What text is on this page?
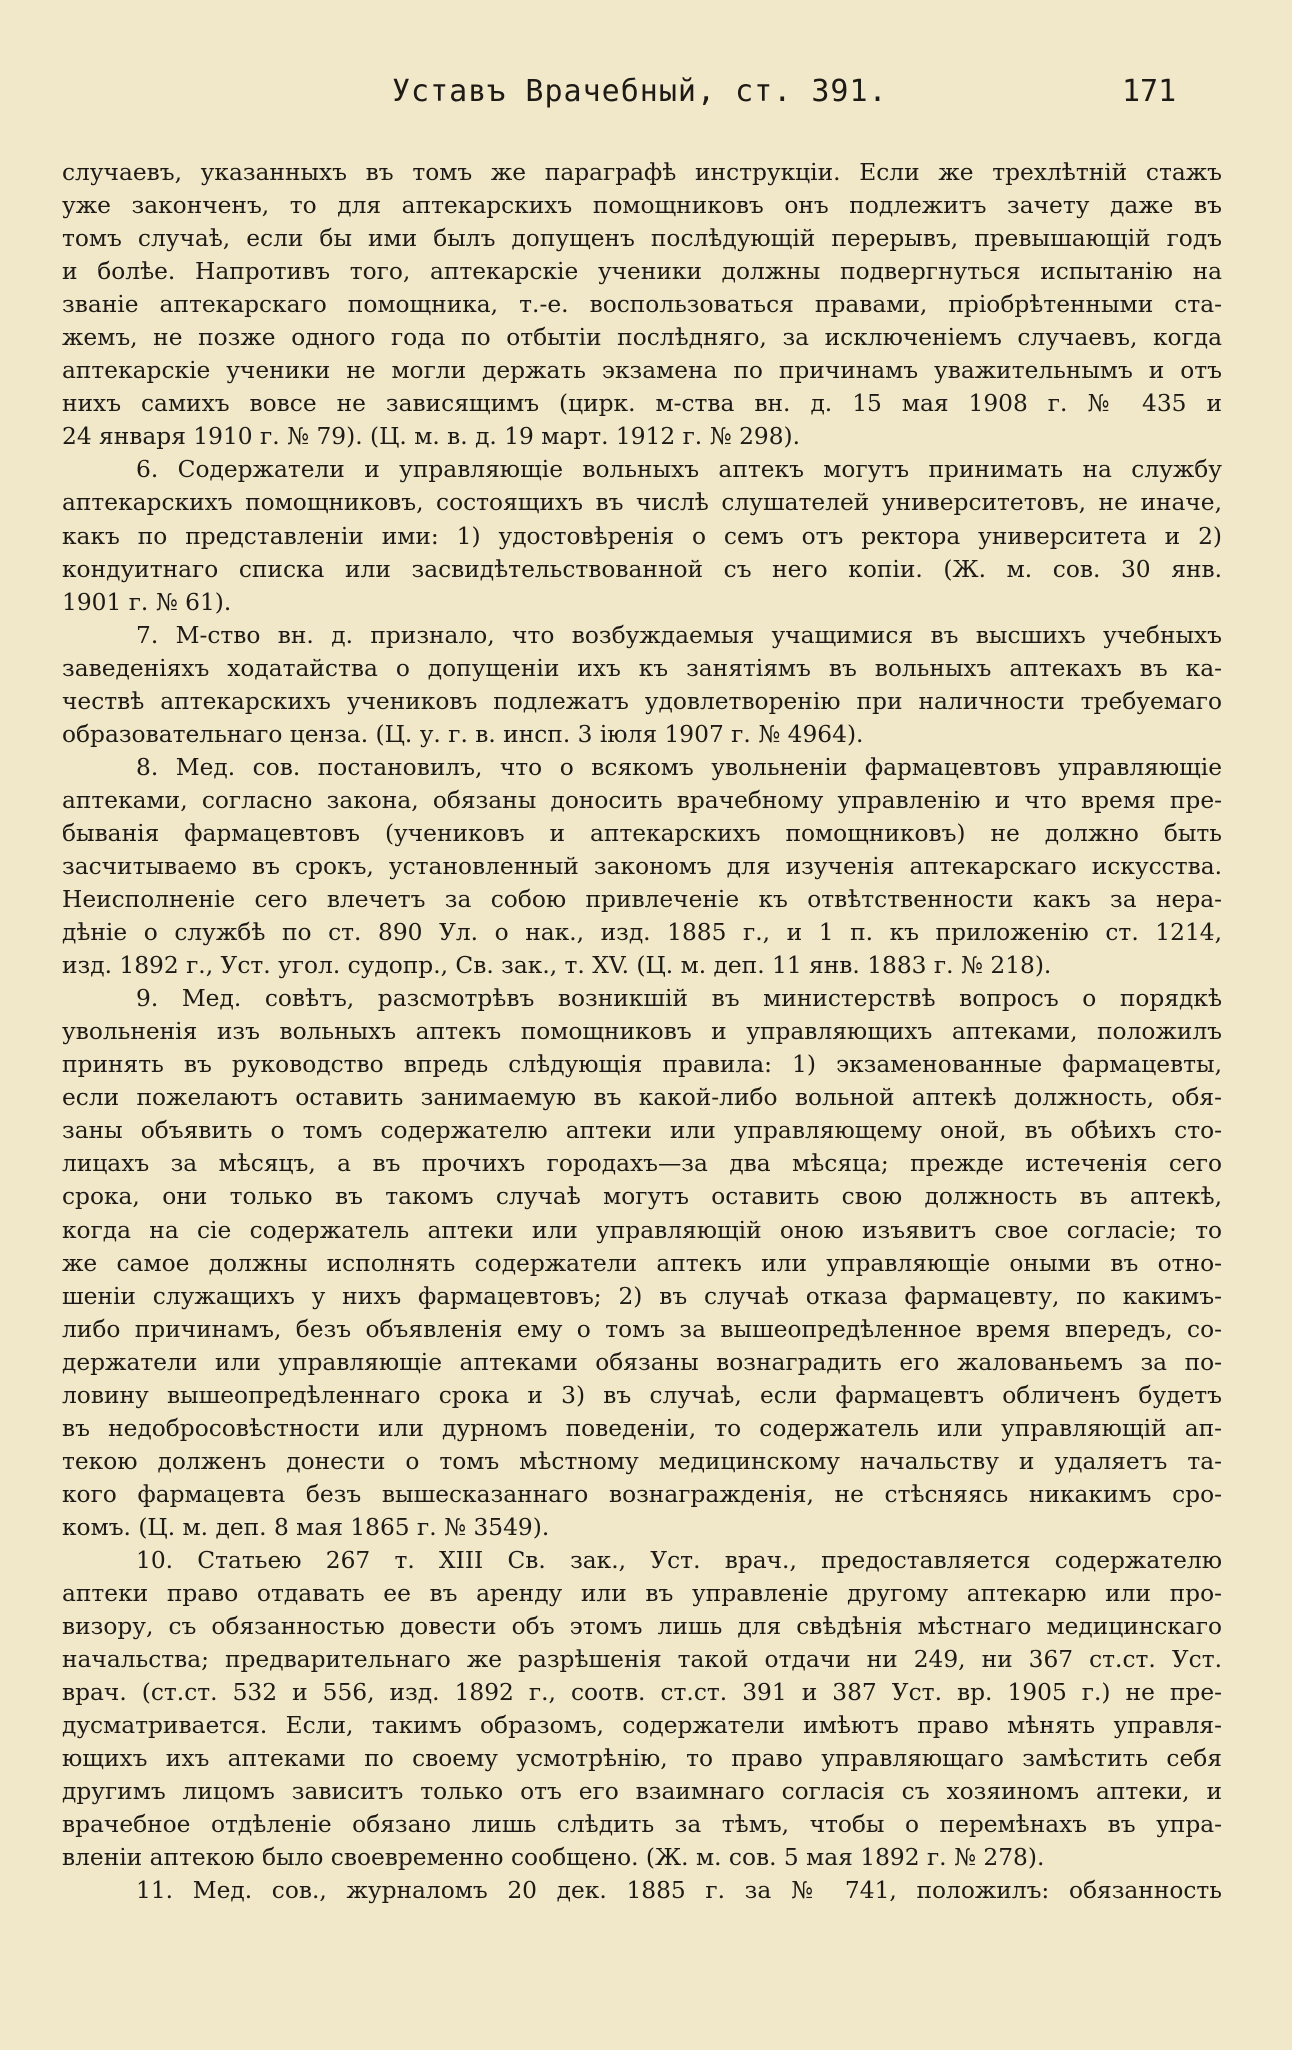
Уставъ Врачебный, ст. 391.	171
случаевъ, указанныхъ въ томъ же параграфѣ инструкціи. Если же трехлѣтній стажъ
уже законченъ, то для аптекарскихъ помощниковъ онъ подлежитъ зачету даже въ
томъ случаѣ, если бы ими былъ допущенъ послѣдующій перерывъ, превышающій годъ
и болѣе. Напротивъ того, аптекарскіе ученики должны подвергнуться испытанію на
званіе аптекарскаго помощника, т.-е. воспользоваться правами, пріобрѣтенными ста-
жемъ, не позже одного года по отбытіи послѣдняго, за исключеніемъ случаевъ, когда
аптекарскіе ученики не могли держать экзамена по причинамъ уважительнымъ и отъ
нихъ самихъ вовсе не зависящимъ (цирк. м-ства вн. д. 15 мая 1908 г. № 435 и
24 января 1910 г. № 79). (Ц. м. в. д. 19 март. 1912 г. № 298).
6. Содержатели и управляющіе вольныхъ аптекъ могутъ принимать на службу
аптекарскихъ помощниковъ, состоящихъ въ числѣ слушателей университетовъ, не иначе,
какъ по представленіи ими: 1) удостовѣренія о семъ отъ ректора университета и 2)
кондуитнаго списка или засвидѣтельствованной съ него копіи. (Ж. м. сов. 30 янв.
1901 г. № 61).
7. М-ство вн. д. признало, что возбуждаемыя учащимися въ высшихъ учебныхъ
заведеніяхъ ходатайства о допущеніи ихъ къ занятіямъ въ вольныхъ аптекахъ въ ка-
чествѣ аптекарскихъ учениковъ подлежатъ удовлетворенію при наличности требуемаго
образовательнаго ценза. (Ц. у. г. в. инсп. 3 іюля 1907 г. № 4964).
8. Мед. сов. постановилъ, что о всякомъ увольненіи фармацевтовъ управляющіе
аптеками, согласно закона, обязаны доносить врачебному управленію и что время пре-
быванія фармацевтовъ (учениковъ и аптекарскихъ помощниковъ) не должно быть
засчитываемо въ срокъ, установленный закономъ для изученія аптекарскаго искусства.
Неисполненіе сего влечетъ за собою привлеченіе къ отвѣтственности какъ за нера-
дѣніе о службѣ по ст. 890 Ул. о нак., изд. 1885 г., и 1 п. къ приложенію ст. 1214,
изд. 1892 г., Уст. угол. судопр., Св. зак., т. XV. (Ц. м. деп. 11 янв. 1883 г. № 218).
9. Мед. совѣтъ, разсмотрѣвъ возникшій въ министерствѣ вопросъ о порядкѣ
увольненія изъ вольныхъ аптекъ помощниковъ и управляющихъ аптеками, положилъ
принять въ руководство впредь слѣдующія правила: 1) экзаменованные фармацевты,
если пожелаютъ оставить занимаемую въ какой-либо вольной аптекѣ должность, обя-
заны объявить о томъ содержателю аптеки или управляющему оной, въ обѣихъ сто-
лицахъ за мѣсяцъ, а въ прочихъ городахъ—за два мѣсяца; прежде истеченія сего
срока, они только въ такомъ случаѣ могутъ оставить свою должность въ аптекѣ,
когда на сіе содержатель аптеки или управляющій оною изъявитъ свое согласіе; то
же самое должны исполнять содержатели аптекъ или управляющіе оными въ отно-
шеніи служащихъ у нихъ фармацевтовъ; 2) въ случаѣ отказа фармацевту, по какимъ-
либо причинамъ, безъ объявленія ему о томъ за вышеопредѣленное время впередъ, со-
держатели или управляющіе аптеками обязаны вознаградить его жалованьемъ за по-
ловину вышеопредѣленнаго срока и 3) въ случаѣ, если фармацевтъ обличенъ будетъ
въ недобросовѣстности или дурномъ поведеніи, то содержатель или управляющій ап-
текою долженъ донести о томъ мѣстному медицинскому начальству и удаляетъ та-
кого фармацевта безъ вышесказаннаго вознагражденія, не стѣсняясь никакимъ сро-
комъ. (Ц. м. деп. 8 мая 1865 г. № 3549).
10. Статьею 267 т. XIII Св. зак., Уст. врач., предоставляется содержателю
аптеки право отдавать ее въ аренду или въ управленіе другому аптекарю или про-
визору, съ обязанностью довести объ этомъ лишь для свѣдѣнія мѣстнаго медицинскаго
начальства; предварительнаго же разрѣшенія такой отдачи ни 249, ни 367 ст.ст. Уст.
врач. (ст.ст. 532 и 556, изд. 1892 г., соотв. ст.ст. 391 и 387 Уст. вр. 1905 г.) не пре-
дусматривается. Если, такимъ образомъ, содержатели имѣютъ право мѣнять управля-
ющихъ ихъ аптеками по своему усмотрѣнію, то право управляющаго замѣстить себя
другимъ лицомъ зависитъ только отъ его взаимнаго согласія съ хозяиномъ аптеки, и
врачебное отдѣленіе обязано лишь слѣдить за тѣмъ, чтобы о перемѣнахъ въ упра-
вленіи аптекою было своевременно сообщено. (Ж. м. сов. 5 мая 1892 г. № 278).
11. Мед. сов., журналомъ 20 дек. 1885 г. за № 741, положилъ: обязанность
